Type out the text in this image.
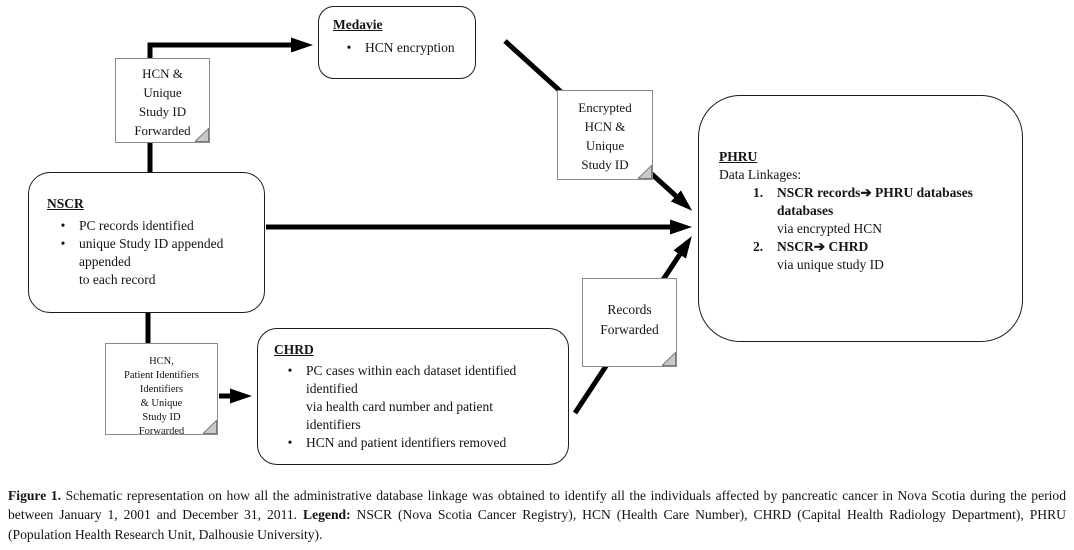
Medavie
•	HCN encryption
HCN &
Unique
Study ID
Forwarded
NSCR
•	PC records identified
•	unique Study ID appended
appended
to each record
Encrypted
HCN &
Unique
Study ID
PHRU
Data Linkages:
1.	NSCR records➔ PHRU databases
databases
via encrypted HCN
2.	NSCR➔ CHRD
via unique study ID
Records
Forwarded
HCN,
Patient Identifiers
Identifiers
& Unique
Study ID
Forwarded
CHRD
•	PC cases within each dataset identified
identified
via health card number and patient
identifiers
•	HCN and patient identifiers removed

Figure 1. Schematic representation on how all the administrative database linkage was obtained to identify all the individuals affected by pancreatic cancer in Nova Scotia during the period between January 1, 2001 and December 31, 2011. Legend: NSCR (Nova Scotia Cancer Registry), HCN (Health Care Number), CHRD (Capital Health Radiology Department), PHRU (Population Health Research Unit, Dalhousie University).
